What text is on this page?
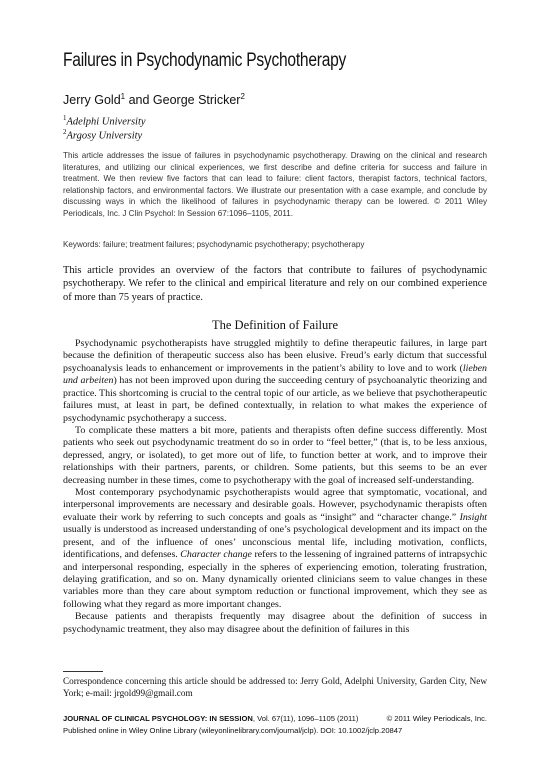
Failures in Psychodynamic Psychotherapy
Jerry Gold$^1$ and George Stricker$^2$
$^1$Adelphi University
$^2$Argosy University
This article addresses the issue of failures in psychodynamic psychotherapy. Drawing on the clinical and research literatures, and utilizing our clinical experiences, we first describe and define criteria for success and failure in treatment. We then review five factors that can lead to failure: client factors, therapist factors, technical factors, relationship factors, and environmental factors. We illustrate our presentation with a case example, and conclude by discussing ways in which the likelihood of failures in psychodynamic therapy can be lowered. © 2011 Wiley Periodicals, Inc. J Clin Psychol: In Session 67:1096–1105, 2011.
Keywords: failure; treatment failures; psychodynamic psychotherapy; psychotherapy
This article provides an overview of the factors that contribute to failures of psychodynamic psychotherapy. We refer to the clinical and empirical literature and rely on our combined experience of more than 75 years of practice.
The Definition of Failure

Psychodynamic psychotherapists have struggled mightily to define therapeutic failures, in large part because the definition of therapeutic success also has been elusive. Freud’s early dictum that successful psychoanalysis leads to enhancement or improvements in the patient’s ability to love and to work (lieben und arbeiten) has not been improved upon during the succeeding century of psychoanalytic theorizing and practice. This shortcoming is crucial to the central topic of our article, as we believe that psychotherapeutic failures must, at least in part, be defined contextually, in relation to what makes the experience of psychodynamic psychotherapy a success.

To complicate these matters a bit more, patients and therapists often define success differently. Most patients who seek out psychodynamic treatment do so in order to “feel better,” (that is, to be less anxious, depressed, angry, or isolated), to get more out of life, to function better at work, and to improve their relationships with their partners, parents, or children. Some patients, but this seems to be an ever decreasing number in these times, come to psychotherapy with the goal of increased self-understanding.

Most contemporary psychodynamic psychotherapists would agree that symptomatic, vocational, and interpersonal improvements are necessary and desirable goals. However, psychodynamic therapists often evaluate their work by referring to such concepts and goals as “insight” and “character change.” Insight usually is understood as increased understanding of one’s psychological development and its impact on the present, and of the influence of ones’ unconscious mental life, including motivation, conflicts, identifications, and defenses. Character change refers to the lessening of ingrained patterns of intrapsychic and interpersonal responding, especially in the spheres of experiencing emotion, tolerating frustration, delaying gratification, and so on. Many dynamically oriented clinicians seem to value changes in these variables more than they care about symptom reduction or functional improvement, which they see as following what they regard as more important changes.

Because patients and therapists frequently may disagree about the definition of success in psychodynamic treatment, they also may disagree about the definition of failures in this

Correspondence concerning this article should be addressed to: Jerry Gold, Adelphi University, Garden City, New York; e-mail: jrgold99@gmail.com
JOURNAL OF CLINICAL PSYCHOLOGY: IN SESSION, Vol. 67(11), 1096–1105 (2011)	© 2011 Wiley Periodicals, Inc.
Published online in Wiley Online Library (wileyonlinelibrary.com/journal/jclp). DOI: 10.1002/jclp.20847
